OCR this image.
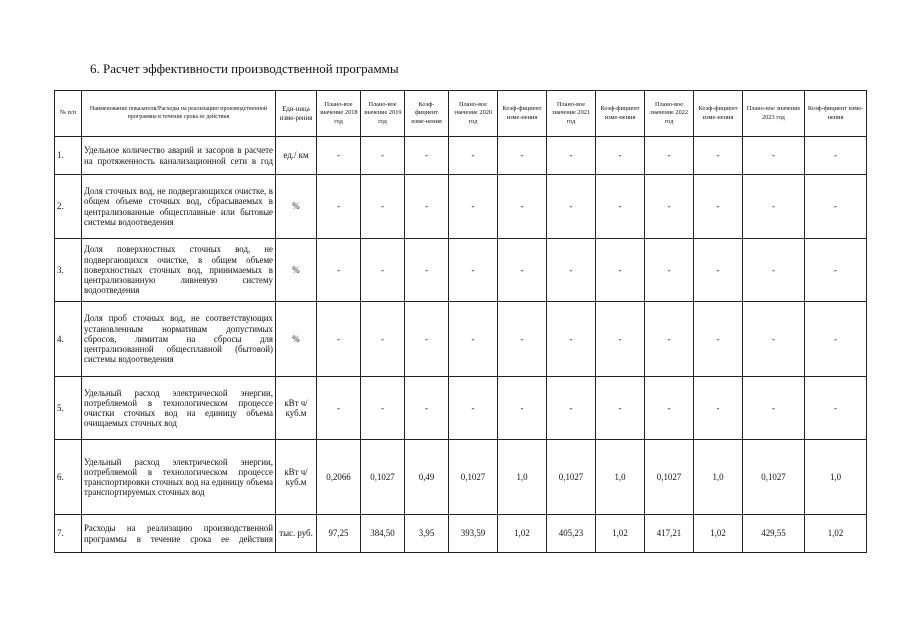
6. Расчет эффективности производственной программы
№ п/п	Наименование показателя/Расходы на реализацию производственной программы в течение срока ее действия	Еди-ница изме-рения	Плано-вое значение 2018 год	Плано-вое значение 2019 год	Коэф-фициент изме-нения	Плано-вое значение 2020 год	Коэф-фициент изме-нения	Плано-вое значение 2021 год	Коэф-фициент изме-нения	Плано-вое значение 2022 год	Коэф-фициент изме-нения	Плано-вое значение 2023 год	Коэф-фициент изме-нения
1.	Удельное количество аварий и засоров в расчете на протяженность канализационной сети в год	ед./ км	-	-	-	-	-	-	-	-	-	-	-
2.	Доля сточных вод, не подвергающихся очистке, в общем объеме сточных вод, сбрасываемых в централизованные общесплавные или бытовые системы водоотведения	%	-	-	-	-	-	-	-	-	-	-	-
3.	Доля поверхностных сточных вод, не подвергающихся очистке, в общем объеме поверхностных сточных вод, принимаемых в централизованную ливневую систему водоотведения	%	-	-	-	-	-	-	-	-	-	-	-
4.	Доля проб сточных вод, не соответствующих установленным нормативам допустимых сбросов, лимитам на сбросы для централизованной общесплавной (бытовой) системы водоотведения	%	-	-	-	-	-	-	-	-	-	-	-
5.	Удельный расход электрической энергии, потребляемой в технологическом процессе очистки сточных вод на единицу объема очищаемых сточных вод	кВт ч/куб.м	-	-	-	-	-	-	-	-	-	-	-
6.	Удельный расход электрической энергии, потребляемой в технологическом процессе транспортировки сточных вод на единицу объема транспортируемых сточных вод	кВт ч/куб.м	0,2066	0,1027	0,49	0,1027	1,0	0,1027	1,0	0,1027	1,0	0,1027	1,0
7.	Расходы на реализацию производственной программы в течение срока ее действия	тыс. руб.	97,25	384,50	3,95	393,59	1,02	405,23	1,02	417,21	1,02	429,55	1,02
